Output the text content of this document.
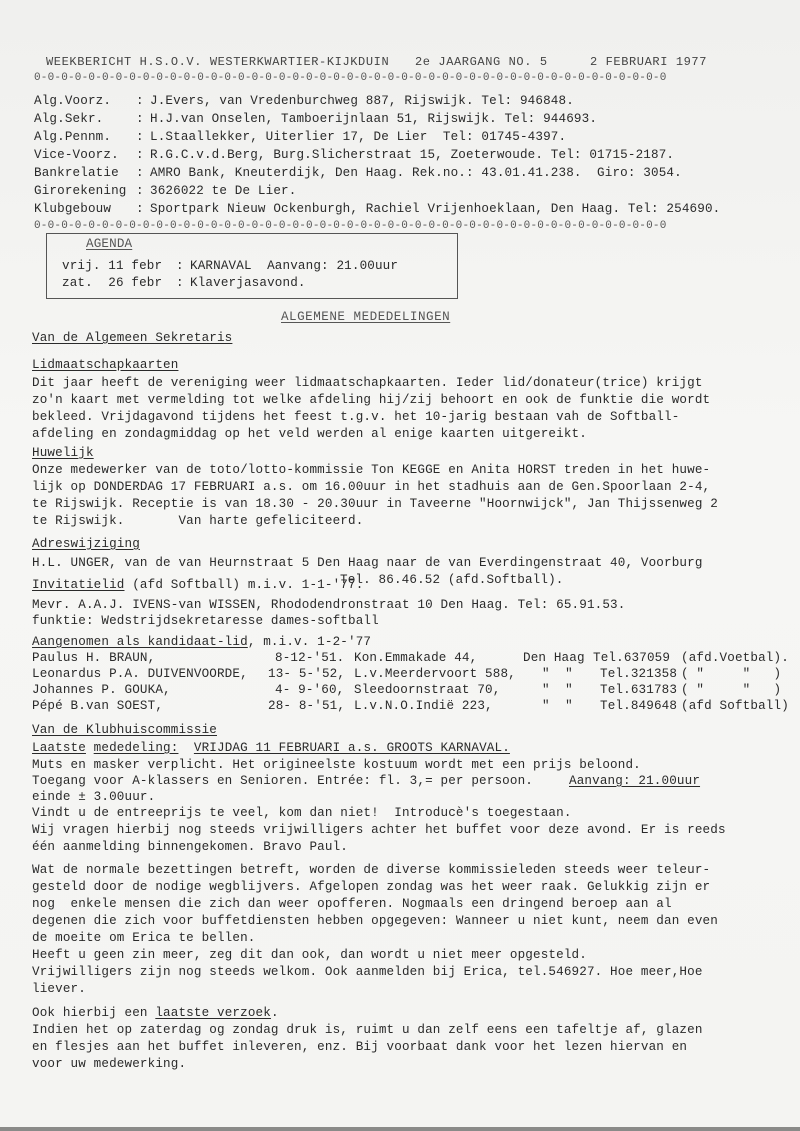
WEEKBERICHT H.S.O.V. WESTERKWARTIER-KIJKDUIN 2e JAARGANG NO. 5	2 FEBRUARI 1977
0-0-0-0-0-0-0-0-0-0-0-0-0-0-0-0-0-0-0-0-0-0-0-0-0-0-0-0-0-0-0-0-0-0-0-0-0-0-0-0-0-0-0-0-0-0-0
Alg.Voorz. : J.Evers, van Vredenburchweg 887, Rijswijk. Tel: 946848.
Alg.Sekr.	: H.J.van Onselen, Tamboerijnlaan 51, Rijswijk. Tel: 944693.
Alg.Pennm. : L.Staallekker, Uiterlier 17, De Lier  Tel: 01745-4397.
Vice-Voorz. : R.G.C.v.d.Berg, Burg.Slicherstraat 15, Zoeterwoude. Tel: 01715-2187.
Bankrelatie : AMRO Bank, Kneuterdijk, Den Haag. Rek.no.: 43.01.41.238.  Giro: 3054.
Girorekening : 3626022 te De Lier.
Klubgebouw : Sportpark Nieuw Ockenburgh, Rachiel Vrijenhoeklaan, Den Haag. Tel: 254690.
0-0-0-0-0-0-0-0-0-0-0-0-0-0-0-0-0-0-0-0-0-0-0-0-0-0-0-0-0-0-0-0-0-0-0-0-0-0-0-0-0-0-0-0-0-0-0
AGENDA
vrij. 11 febr : KARNAVAL  Aanvang: 21.00uur
zat.  26 febr : Klaverjasavond.
ALGEMENE MEDEDELINGEN
Van de Algemeen Sekretaris
Lidmaatschapkaarten
Dit jaar heeft de vereniging weer lidmaatschapkaarten. Ieder lid/donateur(trice) krijgt
zo'n kaart met vermelding tot welke afdeling hij/zij behoort en ook de funktie die wordt
bekleed. Vrijdagavond tijdens het feest t.g.v. het 10-jarig bestaan vah de Softball-
afdeling en zondagmiddag op het veld werden al enige kaarten uitgereikt.
Huwelijk
Onze medewerker van de toto/lotto-kommissie Ton KEGGE en Anita HORST treden in het huwe-
lijk op DONDERDAG 17 FEBRUARI a.s. om 16.00uur in het stadhuis aan de Gen.Spoorlaan 2-4,
te Rijswijk. Receptie is van 18.30 - 20.30uur in Taveerne "Hoornwijck", Jan Thijssenweg 2
te Rijswijk.       Van harte gefeliciteerd.
Adreswijziging
H.L. UNGER, van de van Heurnstraat 5 Den Haag naar de van Everdingenstraat 40, Voorburg
Tel. 86.46.52 (afd.Softball).
Invitatielid (afd Softball) m.i.v. 1-1-'77.
Mevr. A.A.J. IVENS-van WISSEN, Rhododendronstraat 10 Den Haag. Tel: 65.91.53.
funktie: Wedstrijdsekretaresse dames-softball
Aangenomen als kandidaat-lid, m.i.v. 1-2-'77
Paulus H. BRAUN,	8-12-'51. Kon.Emmakade 44,	Den Haag Tel.637059 (afd.Voetbal).
Leonardus P.A. DUIVENVOORDE, 13- 5-'52, L.v.Meerdervoort 588, "  " Tel.321358 ( "     "   )
Johannes P. GOUKA,	4- 9-'60, Sleedoornstraat 70,	"  " Tel.631783 ( "     "   )
Pépé B.van SOEST,	28- 8-'51, L.v.N.O.Indië 223,	"  " Tel.849648 (afd Softball)
Van de Klubhuiscommissie
Laatste mededeling: VRIJDAG 11 FEBRUARI a.s. GROOTS KARNAVAL.
Muts en masker verplicht. Het origineelste kostuum wordt met een prijs beloond.
Toegang voor A-klassers en Senioren. Entrée: fl. 3,= per persoon.	Aanvang: 21.00uur
einde ± 3.00uur.
Vindt u de entreeprijs te veel, kom dan niet!  Introducè's toegestaan.
Wij vragen hierbij nog steeds vrijwilligers achter het buffet voor deze avond. Er is reeds
één aanmelding binnengekomen. Bravo Paul.
Wat de normale bezettingen betreft, worden de diverse kommissieleden steeds weer teleur-
gesteld door de nodige wegblijvers. Afgelopen zondag was het weer raak. Gelukkig zijn er
nog  enkele mensen die zich dan weer opofferen. Nogmaals een dringend beroep aan al
degenen die zich voor buffetdiensten hebben opgegeven: Wanneer u niet kunt, neem dan even
de moeite om Erica te bellen.
Heeft u geen zin meer, zeg dit dan ook, dan wordt u niet meer opgesteld.
Vrijwilligers zijn nog steeds welkom. Ook aanmelden bij Erica, tel.546927. Hoe meer,Hoe
liever.
Ook hierbij een laatste verzoek.
Indien het op zaterdag og zondag druk is, ruimt u dan zelf eens een tafeltje af, glazen
en flesjes aan het buffet inleveren, enz. Bij voorbaat dank voor het lezen hiervan en
voor uw medewerking.
